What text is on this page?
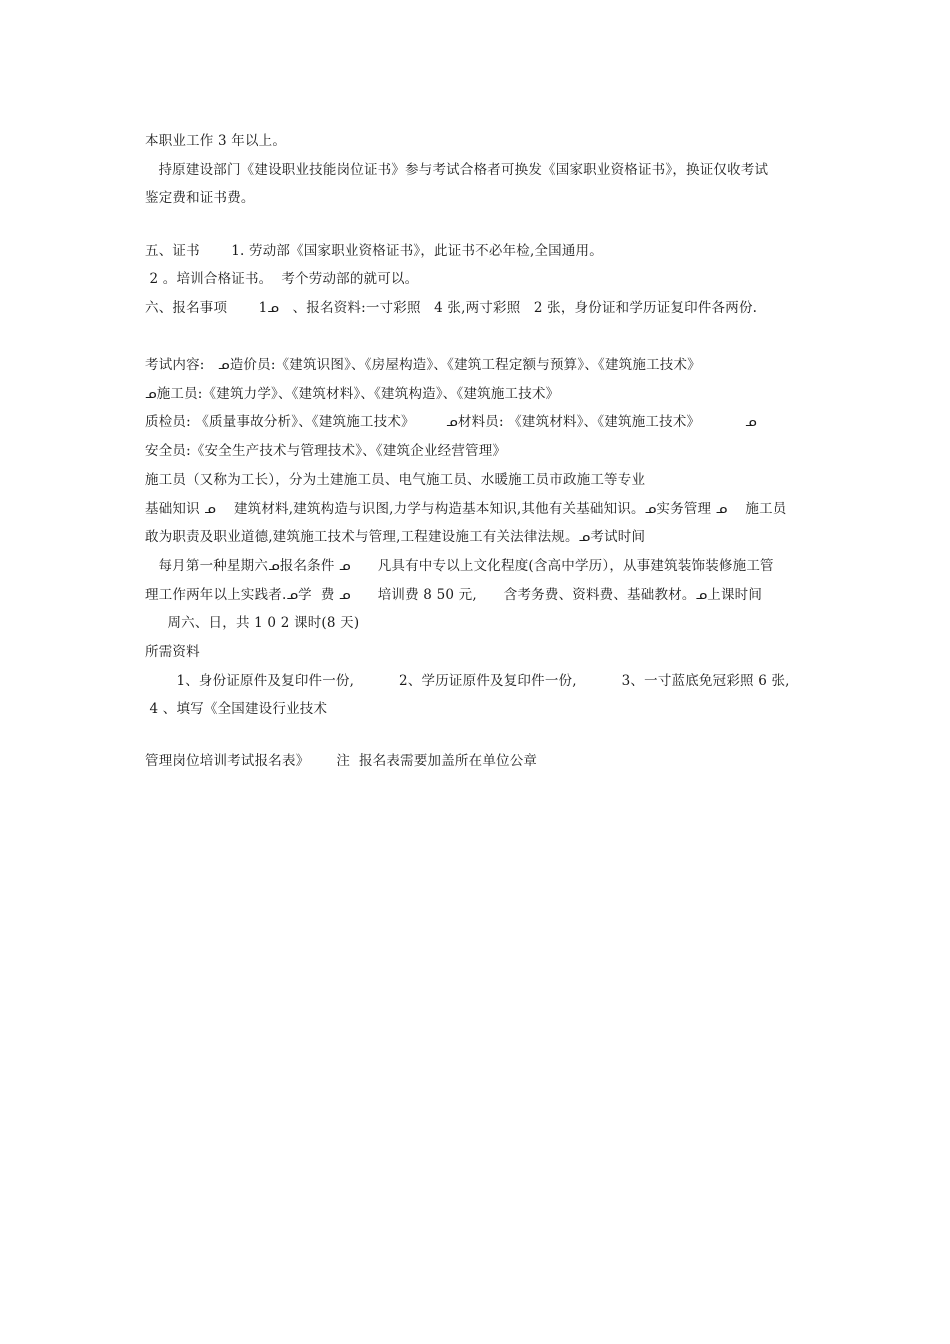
本职业工作 3 年以上。
持原建设部门《建设职业技能岗位证书》参与考试合格者可换发《国家职业资格证书》，换证仅收考试
鉴定费和证书费。
五、证书       1. 劳动部《国家职业资格证书》，此证书不必年检,全国通用。
2 。培训合格证书。  考个劳动部的就可以。
六、报名事项       1ᓄ   、报名资料:一寸彩照   4 张,两寸彩照   2 张，身份证和学历证复印件各两份.
考试内容:   ᓄ造价员:《建筑识图》、《房屋构造》、《建筑工程定额与预算》、《建筑施工技术》
ᓄ施工员:《建筑力学》、《建筑材料》、《建筑构造》、《建筑施工技术》
质检员: 《质量事故分析》、《建筑施工技术》       ᓄ材料员: 《建筑材料》、《建筑施工技术》          ᓄ
安全员:《安全生产技术与管理技术》、《建筑企业经营管理》
施工员（又称为工长），分为土建施工员、电气施工员、水暖施工员市政施工等专业
基础知识 ᓄ    建筑材料,建筑构造与识图,力学与构造基本知识,其他有关基础知识。ᓄ实务管理 ᓄ    施工员
敢为职责及职业道德,建筑施工技术与管理,工程建设施工有关法律法规。ᓄ考试时间
每月第一种星期六ᓄ报名条件 ᓄ      凡具有中专以上文化程度(含高中学历），从事建筑装饰装修施工管
理工作两年以上实践者.ᓄ学  费 ᓄ      培训费 8 50 元,      含考务费、资料费、基础教材。ᓄ上课时间
周六、日，共 1 0 2 课时(8 天)
所需资料
1、身份证原件及复印件一份,          2、学历证原件及复印件一份,          3、一寸蓝底免冠彩照 6 张,
4 、填写《全国建设行业技术
管理岗位培训考试报名表》      注  报名表需要加盖所在单位公章
